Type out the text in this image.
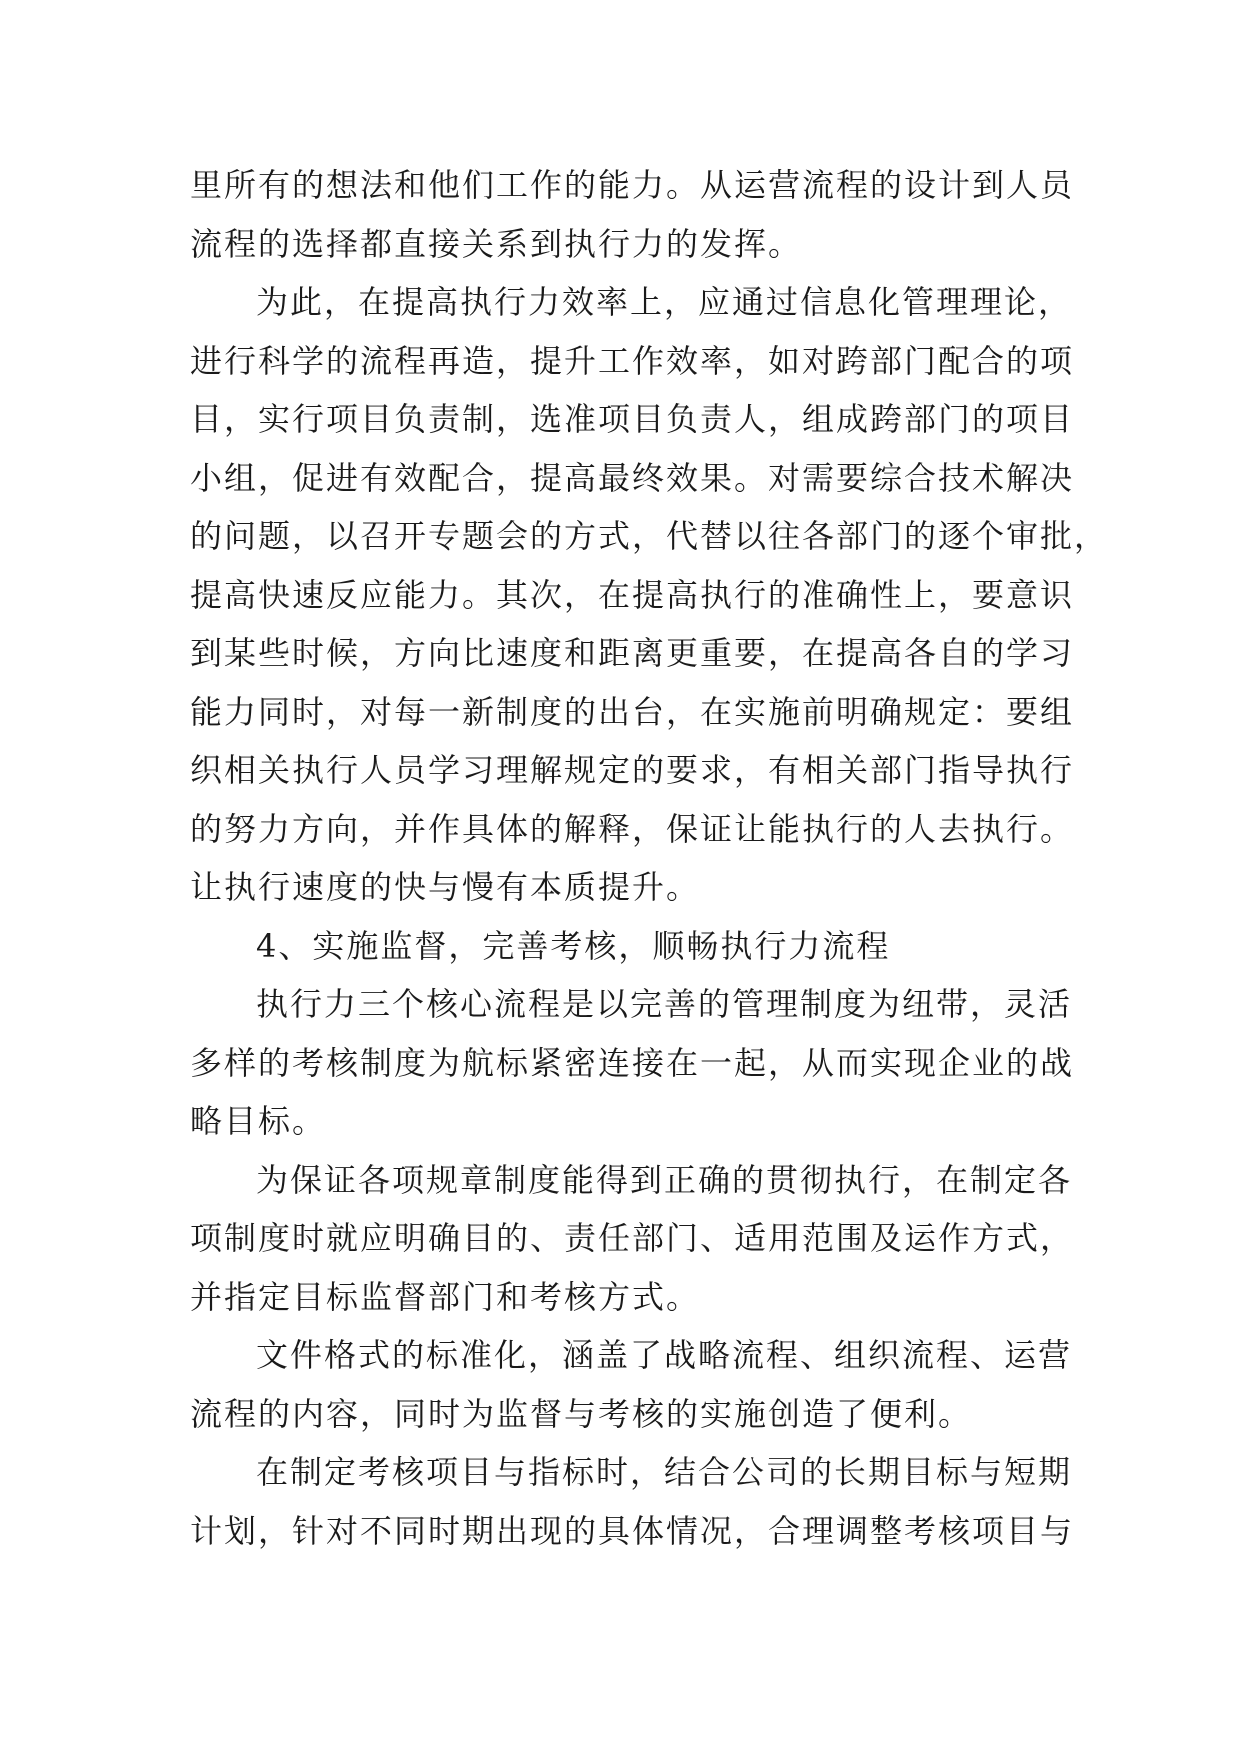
里所有的想法和他们工作的能力。从运营流程的设计到人员
流程的选择都直接关系到执行力的发挥。
为此，在提高执行力效率上，应通过信息化管理理论，
进行科学的流程再造，提升工作效率，如对跨部门配合的项
目，实行项目负责制，选准项目负责人，组成跨部门的项目
小组，促进有效配合，提高最终效果。对需要综合技术解决
的问题，以召开专题会的方式，代替以往各部门的逐个审批，
提高快速反应能力。其次，在提高执行的准确性上，要意识
到某些时候，方向比速度和距离更重要，在提高各自的学习
能力同时，对每一新制度的出台，在实施前明确规定：要组
织相关执行人员学习理解规定的要求，有相关部门指导执行
的努力方向，并作具体的解释，保证让能执行的人去执行。
让执行速度的快与慢有本质提升。
4、实施监督，完善考核，顺畅执行力流程
执行力三个核心流程是以完善的管理制度为纽带，灵活
多样的考核制度为航标紧密连接在一起，从而实现企业的战
略目标。
为保证各项规章制度能得到正确的贯彻执行，在制定各
项制度时就应明确目的、责任部门、适用范围及运作方式，
并指定目标监督部门和考核方式。
文件格式的标准化，涵盖了战略流程、组织流程、运营
流程的内容，同时为监督与考核的实施创造了便利。
在制定考核项目与指标时，结合公司的长期目标与短期
计划，针对不同时期出现的具体情况，合理调整考核项目与
